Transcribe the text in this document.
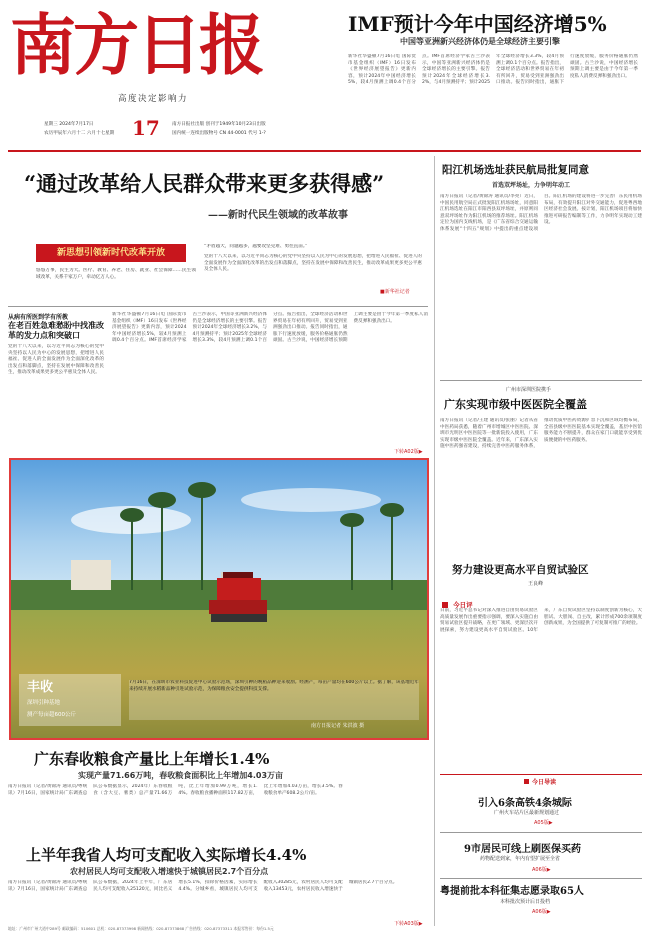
南方日报
高度决定影响力
星期三 2024年7月17日
农历甲辰年六月十二 六月十七星期 17	南方日报社出版 创刊于1949年10月23日出版
国内统一连续出版物号 CN 44-0001 代号 1-?
IMF预计今年中国经济增5%
中国等亚洲新兴经济体仍是全球经济主要引擎
新华社华盛顿7月16日电 国际货币基金组织（IMF）16日发布《世界经济展望报告》更新内容，预计2024年中国经济增长5%，较4月预测上调0.4个百分点。IMF首席经济学家古兰沙表示，中国等亚洲新兴经济体仍是全球经济增长的主要引擎。报告预计2024年全球经济增长3.2%，与4月预测持平；预计2025年全球经济增长3.3%，较4月预测上调0.1个百分点。报告指出，全球经济活动和世界贸易在年初有所回升，贸易受到亚洲强劲出口推动。报告同时指出，通胀下行速度放缓，服务价格通胀仍然顽固。古兰沙说，中国经济增长预期上调主要是由于今年第一季度私人消费反弹和强劲出口。
“通过改革给人民群众带来更多获得感”
——新时代民生领域的改革故事
新思想引领新时代改革开放
悠悠万事，民生为大。医疗、教育、养老、住房、就业、社会保障……民生领域改革，关系千家万户，牵动亿万人心。
“矛盾越大，问题越多，越要攻坚克难、勇往直前。”
党的十八大以来，以习近平同志为核心的党中央坚持以人民为中心的发展思想，把增进人民福祉、促进人的全面发展作为全面深化改革的出发点和落脚点，坚持在发展中保障和改善民生，推动改革成果更多更公平惠及全体人民。
■新华社记者
从病有所医到学有所教
在老百姓急难愁盼中找准改革的发力点和突破口
党的十八大以来，以习近平同志为核心的党中央坚持以人民为中心的发展思想，把增进人民福祉、促进人的全面发展作为全面深化改革的出发点和落脚点，坚持在发展中保障和改善民生，推动改革成果更多更公平惠及全体人民。
新华社华盛顿7月16日电 国际货币基金组织（IMF）16日发布《世界经济展望报告》更新内容，预计2024年中国经济增长5%，较4月预测上调0.4个百分点。IMF首席经济学家古兰沙表示，中国等亚洲新兴经济体仍是全球经济增长的主要引擎。报告预计2024年全球经济增长3.2%，与4月预测持平；预计2025年全球经济增长3.3%，较4月预测上调0.1个百分点。报告指出，全球经济活动和世界贸易在年初有所回升，贸易受到亚洲强劲出口推动。报告同时指出，通胀下行速度放缓，服务价格通胀仍然顽固。古兰沙说，中国经济增长预期上调主要是由于今年第一季度私人消费反弹和强劲出口。
下转A02版▶
丰收
深圳引种基地
测产每亩超600公斤
7月16日，在深圳市农业科技促进中心试验示范场，深圳引种的晚稻品种迎来收割。经测产，每亩产量均在600公斤以上。据了解，该基地近年来持续开展水稻新品种引进试验示范，为保障粮食安全提供科技支撑。
南方日报记者 朱洪波 摄
广东春收粮食产量比上年增长1.4%
实现产量71.66万吨，春收粮食面积比上年增加4.03万亩
南方日报讯（记者/黄锦涛 通讯员/粤统讯）7月16日，国家统计局广东调查总队公布数据显示，2024年广东春收粮食（含大豆、薯类）总产量71.66万吨，比上年增加0.99万吨，增长1.4%。春收粮食播种面积117.82万亩，比上年增加4.03万亩，增长3.5%。春收粮食单产608.2公斤/亩。
上半年我省人均可支配收入实际增长4.4%
农村居民人均可支配收入增速快于城镇居民2.7个百分点
南方日报讯（记者/黄锦涛 通讯员/粤统讯）7月16日，国家统计局广东调查总队公布数据，2024年上半年，广东居民人均可支配收入25120元，同比名义增长5.1%，扣除价格因素，实际增长4.4%。分城乡看，城镇居民人均可支配收入30285元，农村居民人均可支配收入13453元，农村居民收入增速快于城镇居民2.7个百分点。
下转A03版▶
阳江机场选址获民航局批复同意
首选双坪场址，力争明年动工
南方日报讯（记者/黄锦涛 通讯员/李亮）近日，中国民用航空局正式批复阳江机场场址，同意阳江机场选址在阳江市阳西县双坪场址，并原则同意双坪场址作为阳江机场的推荐场址。阳江机场定位为国内支线机场，是《广东省综合交通运输体系发展“十四五”规划》中提出的重点建设项目。阳江机场的建设将进一步完善广东民用机场布局，有效提升阳江对外交通能力，促进粤西地区经济社会发展。按计划，阳江机场项目将加快推进可研报告编制等工作，力争明年实现动工建设。
广州市深圳医院携手
广东实现市级中医医院全覆盖
南方日报讯（记者/王建 通讯员/张丽）记者从省中医药局获悉，随着广州市增城区中医医院、深圳市光明区中医医院等一批新院投入使用，广东实现市级中医医院全覆盖。近年来，广东深入实施中医药强省建设，持续完善中医药服务体系，推动优质中医药资源扩容下沉和区域均衡布局，全省县级中医医院基本实现全覆盖，基层中医馆服务能力不断提升，群众在家门口就能享受到优质便捷的中医药服务。
努力建设更高水平自贸试验区
王良峰
今日评
日前，习近平总书记对深入推进自由贸易试验区高质量发展作出重要指示强调，要深入实施自由贸易试验区提升战略，在更广领域、更深层次开展探索，努力建设更高水平自贸试验区。10年来，广东自贸试验区坚持以制度创新为核心，大胆试、大胆闯、自主改，累计形成700余项制度创新成果，为全国提供了可复制可推广的经验。
今日导读
引入6条高铁4条城际
广州火车站片区最新规划通过
A05版▶
9市居民可线上刷医保买药
药物配送到家，年内有望扩展至全省
A06版▶
粤提前批本科征集志愿录取65人
本科批次预计后日投档
A06版▶
地址：广州市广州大道中289号 邮政编码：510601 总机：020-87373998 新闻热线：020-87373868 广告热线：020-87373311 本报零售价：每份1.5元
